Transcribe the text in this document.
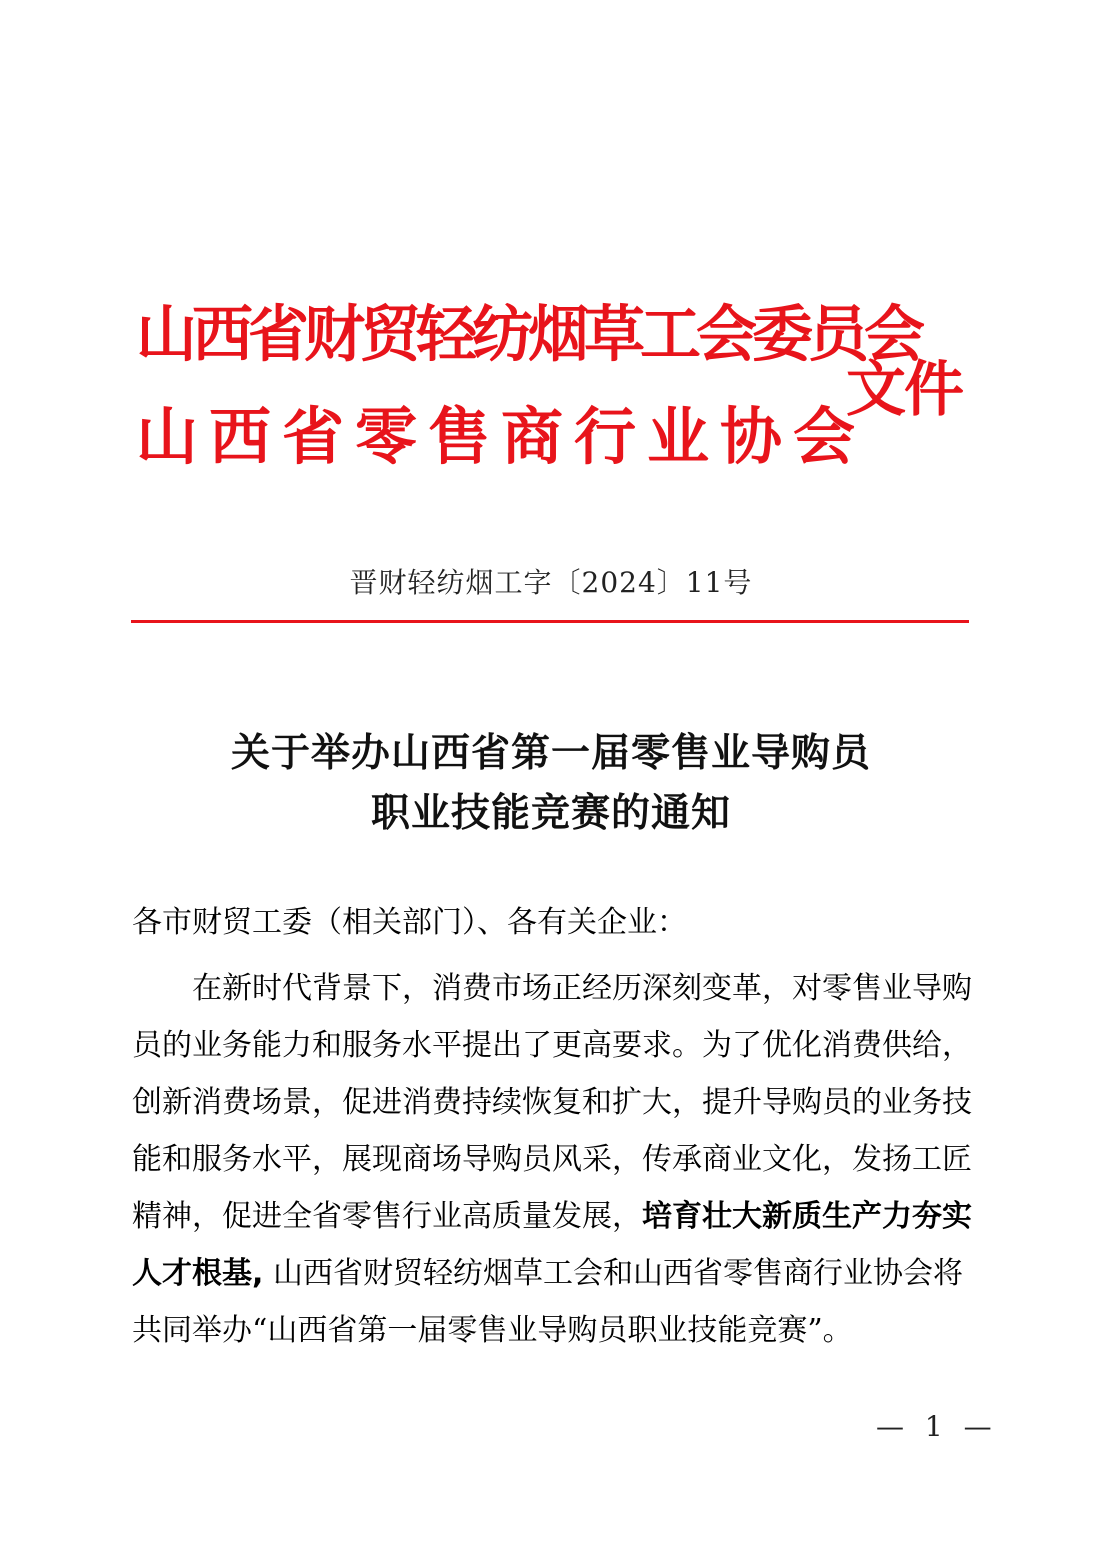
山西省财贸轻纺烟草工会委员会
山西省零售商行业协会
文件
晋财轻纺烟工字〔2024〕11号
关于举办山西省第一届零售业导购员
职业技能竞赛的通知
各市财贸工委（相关部门）、各有关企业：
在新时代背景下，消费市场正经历深刻变革，对零售业导购
员的业务能力和服务水平提出了更高要求。为了优化消费供给，
创新消费场景，促进消费持续恢复和扩大，提升导购员的业务技
能和服务水平，展现商场导购员风采，传承商业文化，发扬工匠
精神，促进全省零售行业高质量发展，培育壮大新质生产力夯实
人才根基, 山西省财贸轻纺烟草工会和山西省零售商行业协会将
共同举办“山西省第一届零售业导购员职业技能竞赛”。
— 1 —
